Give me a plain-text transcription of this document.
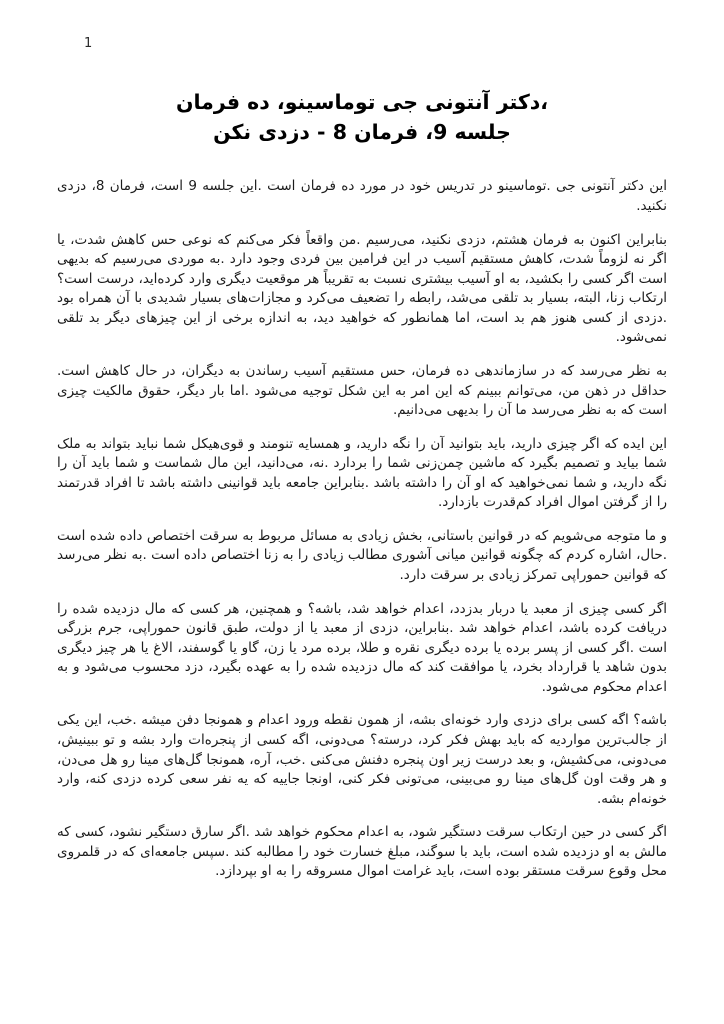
1
،دکتر آنتونی جی توماسینو، ده فرمان
جلسه 9، فرمان 8 - دزدی نکن

این دکتر آنتونی جی .توماسینو در تدریس خود در مورد ده فرمان است .این جلسه 9 است، فرمان 8، دزدی نکنید.

بنابراین اکنون به فرمان هشتم، دزدی نکنید، می‌رسیم .من واقعاً فکر می‌کنم که نوعی حس کاهش شدت، یا اگر نه لزوماً شدت، کاهش مستقیم آسیب در این فرامین بین فردی وجود دارد .به موردی می‌رسیم که بدیهی است اگر کسی را بکشید، به او آسیب بیشتری نسبت به تقریباً هر موقعیت دیگری وارد کرده‌اید، درست است؟ ارتکاب زنا، البته، بسیار بد تلقی می‌شد، رابطه را تضعیف می‌کرد و مجازات‌های بسیار شدیدی با آن همراه بود .دزدی از کسی هنوز هم بد است، اما همانطور که خواهید دید، به اندازه برخی از این چیزهای دیگر بد تلقی نمی‌شود.

به نظر می‌رسد که در سازماندهی ده فرمان، حس مستقیم آسیب رساندن به دیگران، در حال کاهش است. حداقل در ذهن من، می‌توانم ببینم که این امر به این شکل توجیه می‌شود .اما بار دیگر، حقوق مالکیت چیزی است که به نظر می‌رسد ما آن را بدیهی می‌دانیم.

این ایده که اگر چیزی دارید، باید بتوانید آن را نگه دارید، و همسایه تنومند و قوی‌هیکل شما نباید بتواند به ملک شما بیاید و تصمیم بگیرد که ماشین چمن‌زنی شما را بردارد .نه، می‌دانید، این مال شماست و شما باید آن را نگه دارید، و شما نمی‌خواهید که او آن را داشته باشد .بنابراین جامعه باید قوانینی داشته باشد تا افراد قدرتمند را از گرفتن اموال افراد کم‌قدرت بازدارد.

و ما متوجه می‌شویم که در قوانین باستانی، بخش زیادی به مسائل مربوط به سرقت اختصاص داده شده است .حال، اشاره کردم که چگونه قوانین میانی آشوری مطالب زیادی را به زنا اختصاص داده است .به نظر می‌رسد که قوانین حموراپی تمرکز زیادی بر سرقت دارد.

اگر کسی چیزی از معبد یا دربار بدزدد، اعدام خواهد شد، باشه؟ و همچنین، هر کسی که مال دزدیده شده را دریافت کرده باشد، اعدام خواهد شد .بنابراین، دزدی از معبد یا از دولت، طبق قانون حموراپی، جرم بزرگی است .اگر کسی از پسر برده یا برده دیگری نقره و طلا، برده مرد یا زن، گاو یا گوسفند، الاغ یا هر چیز دیگری بدون شاهد یا قرارداد بخرد، یا موافقت کند که مال دزدیده شده را به عهده بگیرد، دزد محسوب می‌شود و به اعدام محکوم می‌شود.

باشه؟ اگه کسی برای دزدی وارد خونه‌ای بشه، از همون نقطه ورود اعدام و همونجا دفن میشه .خب، این یکی از جالب‌ترین مواردیه که باید بهش فکر کرد، درسته؟ می‌دونی، اگه کسی از پنجره‌ات وارد بشه و تو ببینیش، می‌دونی، می‌کشیش، و بعد درست زیر اون پنجره دفنش می‌کنی .خب، آره، همونجا گل‌های مینا رو هل می‌دن، و هر وقت اون گل‌های مینا رو می‌بینی، می‌تونی فکر کنی، اونجا جاییه که یه نفر سعی کرده دزدی کنه، وارد خونه‌ام بشه.

اگر کسی در حین ارتکاب سرقت دستگیر شود، به اعدام محکوم خواهد شد .اگر سارق دستگیر نشود، کسی که مالش به او دزدیده شده است، باید با سوگند، مبلغ خسارت خود را مطالبه کند .سپس جامعه‌ای که در قلمروی محل وقوع سرقت مستقر بوده است، باید غرامت اموال مسروقه را به او بپردازد.
